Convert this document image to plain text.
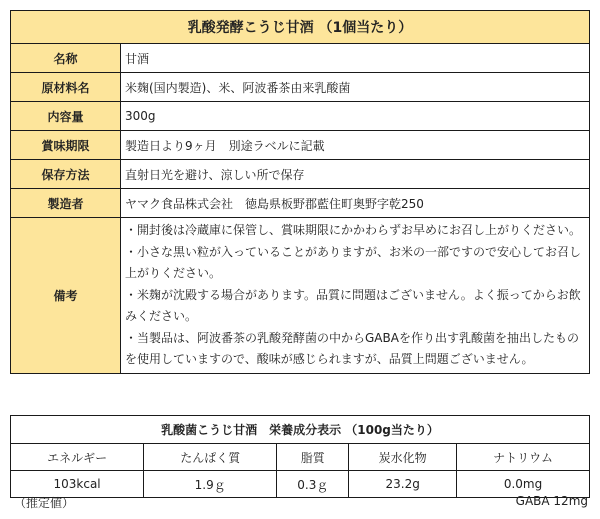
乳酸発酵こうじ甘酒 （1個当たり）	
名称	甘酒
原材料名	米麹(国内製造)、米、阿波番茶由来乳酸菌
内容量	300g
賞味期限	製造日より9ヶ月　別途ラベルに記載
保存方法	直射日光を避け、涼しい所で保存
製造者	ヤマク食品株式会社　徳島県板野郡藍住町奥野字乾250
備考	・開封後は冷蔵庫に保管し、賞味期限にかかわらずお早めにお召し上がりください。
・小さな黒い粒が入っていることがありますが、お米の一部ですので安心してお召し上がりください。
・米麹が沈殿する場合があります。品質に問題はございません。よく振ってからお飲みください。
・当製品は、阿波番茶の乳酸発酵菌の中からGABAを作り出す乳酸菌を抽出したものを使用していますので、酸味が感じられますが、品質上問題ございません。
乳酸菌こうじ甘酒　栄養成分表示 （100g当たり）				
エネルギー	たんぱく質	脂質	炭水化物	ナトリウム
103kcal	1.9ｇ	0.3ｇ	23.2g	0.0mg
（推定値）	GABA 12mg
